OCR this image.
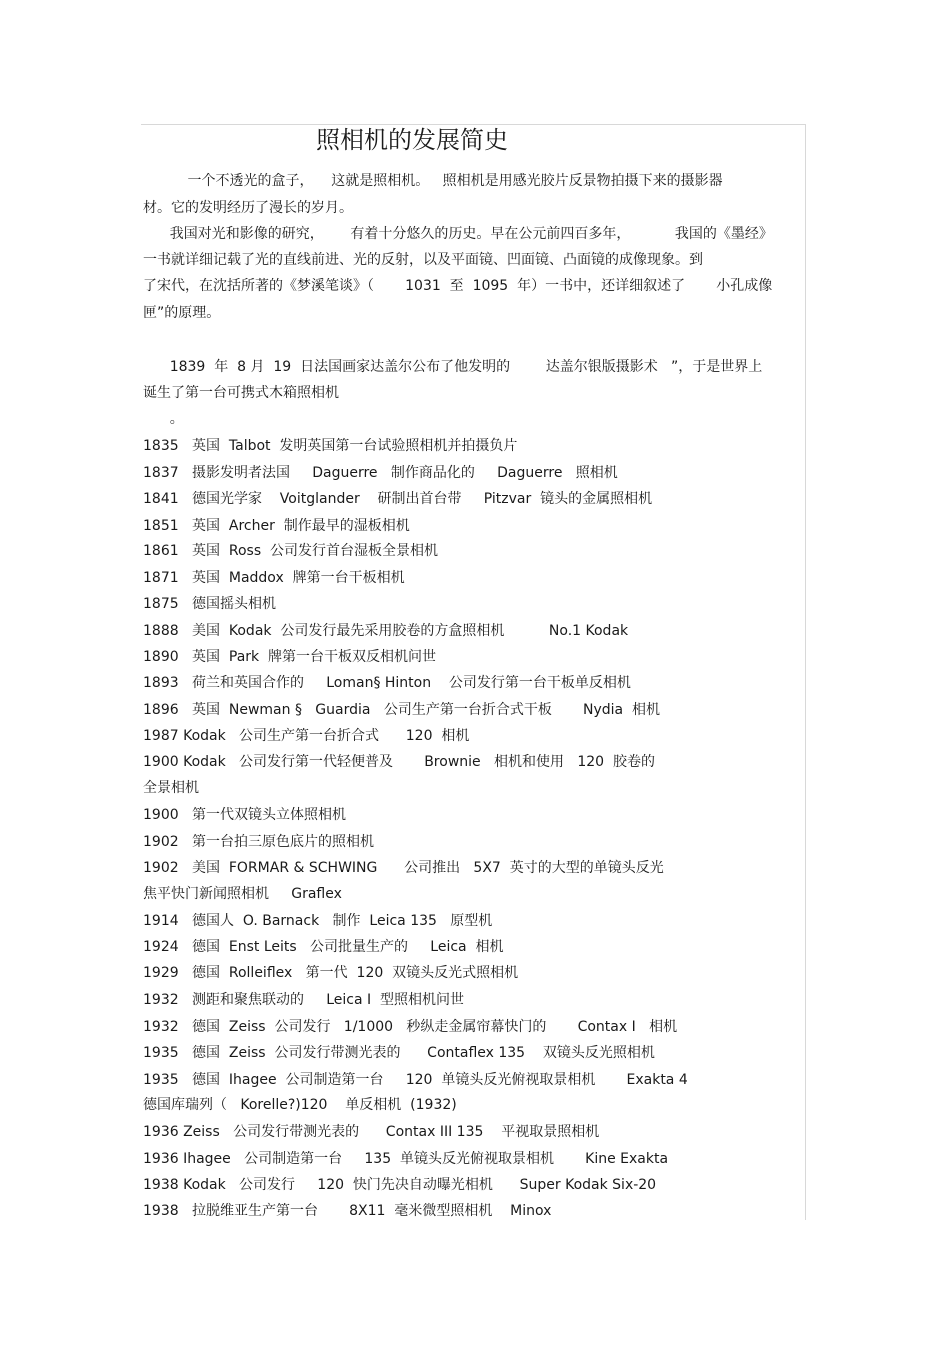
照相机的发展简史
一个不透光的盒子，    这就是照相机。   照相机是用感光胶片反景物拍摄下来的摄影器
材。它的发明经历了漫长的岁月。
我国对光和影像的研究，      有着十分悠久的历史。早在公元前四百多年，          我国的《墨经》
一书就详细记载了光的直线前进、光的反射，以及平面镜、凹面镜、凸面镜的成像现象。到
了宋代，在沈括所著的《梦溪笔谈》（       1031  至  1095  年）一书中，还详细叙述了       小孔成像
匣”的原理。
1839  年  8 月  19  日法国画家达盖尔公布了他发明的        达盖尔银版摄影术   ”，于是世界上
诞生了第一台可携式木箱照相机
。
1835   英国  Talbot  发明英国第一台试验照相机并拍摄负片
1837   摄影发明者法国     Daguerre   制作商品化的     Daguerre   照相机
1841   德国光学家    Voitglander    研制出首台带     Pitzvar  镜头的金属照相机
1851   英国  Archer  制作最早的湿板相机
1861   英国  Ross  公司发行首台湿板全景相机
1871   英国  Maddox  牌第一台干板相机
1875   德国摇头相机
1888   美国  Kodak  公司发行最先采用胶卷的方盒照相机          No.1 Kodak
1890   英国  Park  牌第一台干板双反相机问世
1893   荷兰和英国合作的     Loman§ Hinton    公司发行第一台干板单反相机
1896   英国  Newman §   Guardia   公司生产第一台折合式干板       Nydia  相机
1987 Kodak   公司生产第一台折合式      120  相机
1900 Kodak   公司发行第一代轻便普及       Brownie   相机和使用   120  胶卷的
全景相机
1900   第一代双镜头立体照相机
1902   第一台拍三原色底片的照相机
1902   美国  FORMAR & SCHWING      公司推出   5X7  英寸的大型的单镜头反光
焦平快门新闻照相机     Graflex
1914   德国人  O. Barnack   制作  Leica 135   原型机
1924   德国  Enst Leits   公司批量生产的     Leica  相机
1929   德国  Rolleiflex   第一代  120  双镜头反光式照相机
1932   测距和聚焦联动的     Leica I  型照相机问世
1932   德国  Zeiss  公司发行   1/1000   秒纵走金属帘幕快门的       Contax I   相机
1935   德国  Zeiss  公司发行带测光表的      Contaflex 135    双镜头反光照相机
1935   德国  Ihagee  公司制造第一台     120  单镜头反光俯视取景相机       Exakta 4
德国库瑞列（   Korelle?)120    单反相机  (1932)
1936 Zeiss   公司发行带测光表的      Contax III 135    平视取景照相机
1936 Ihagee   公司制造第一台     135  单镜头反光俯视取景相机       Kine Exakta
1938 Kodak   公司发行     120  快门先决自动曝光相机      Super Kodak Six-20
1938   拉脱维亚生产第一台       8X11  毫米微型照相机    Minox
